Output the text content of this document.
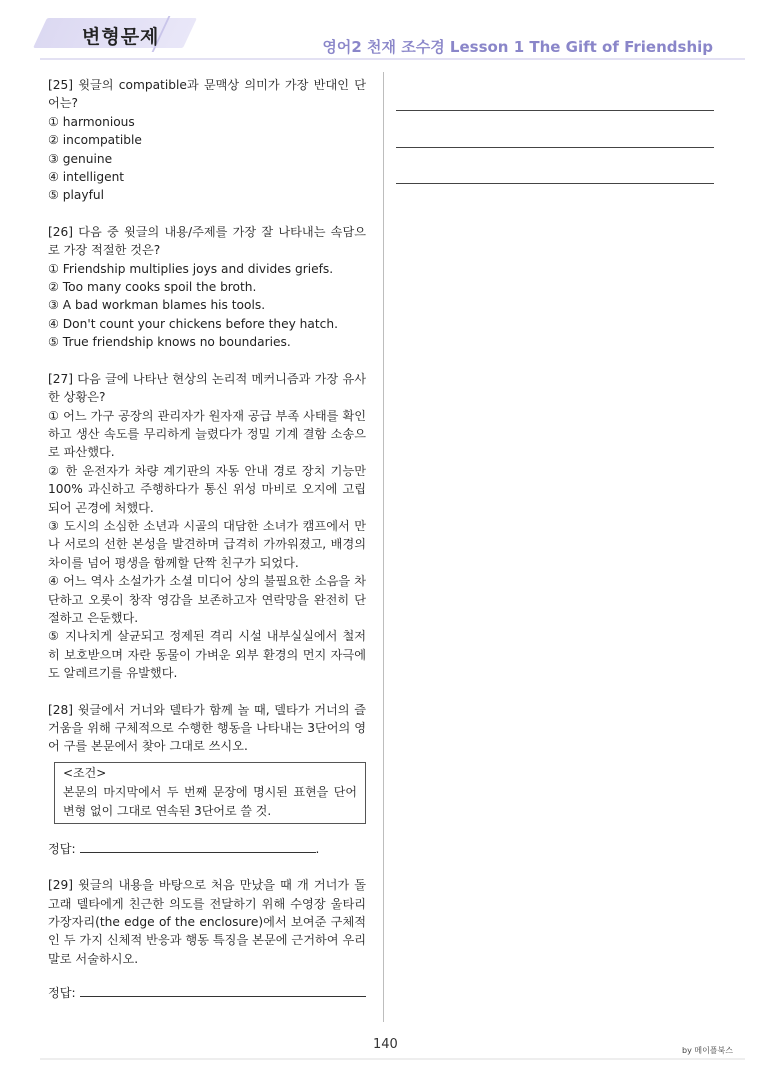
변형문제	영어2 천재 조수경 Lesson 1 The Gift of Friendship

[25] 윗글의 compatible과 문맥상 의미가 가장 반대인 단어는?

① harmonious

② incompatible

③ genuine

④ intelligent

⑤ playful

[26] 다음 중 윗글의 내용/주제를 가장 잘 나타내는 속담으로 가장 적절한 것은?

① Friendship multiplies joys and divides griefs.

② Too many cooks spoil the broth.

③ A bad workman blames his tools.

④ Don't count your chickens before they hatch.

⑤ True friendship knows no boundaries.

[27] 다음 글에 나타난 현상의 논리적 메커니즘과 가장 유사한 상황은?

① 어느 가구 공장의 관리자가 원자재 공급 부족 사태를 확인하고 생산 속도를 무리하게 늘렸다가 정밀 기계 결함 소송으로 파산했다.

② 한 운전자가 차량 계기판의 자동 안내 경로 장치 기능만 100% 과신하고 주행하다가 통신 위성 마비로 오지에 고립되어 곤경에 처했다.

③ 도시의 소심한 소년과 시골의 대담한 소녀가 캠프에서 만나 서로의 선한 본성을 발견하며 급격히 가까워졌고, 배경의 차이를 넘어 평생을 함께할 단짝 친구가 되었다.

④ 어느 역사 소설가가 소셜 미디어 상의 불필요한 소음을 차단하고 오롯이 창작 영감을 보존하고자 연락망을 완전히 단절하고 은둔했다.

⑤ 지나치게 살균되고 정제된 격리 시설 내부실실에서 철저히 보호받으며 자란 동물이 가벼운 외부 환경의 먼지 자극에도 알레르기를 유발했다.

[28] 윗글에서 거너와 델타가 함께 놀 때, 델타가 거너의 즐거움을 위해 구체적으로 수행한 행동을 나타내는 3단어의 영어 구를 본문에서 찾아 그대로 쓰시오.

<조건>

본문의 마지막에서 두 번째 문장에 명시된 표현을 단어 변형 없이 그대로 연속된 3단어로 쓸 것.

정답:	.

[29] 윗글의 내용을 바탕으로 처음 만났을 때 개 거너가 돌고래 델타에게 친근한 의도를 전달하기 위해 수영장 울타리 가장자리(the edge of the enclosure)에서 보여준 구체적인 두 가지 신체적 반응과 행동 특징을 본문에 근거하여 우리말로 서술하시오.

정답:

140	by 메이플북스
